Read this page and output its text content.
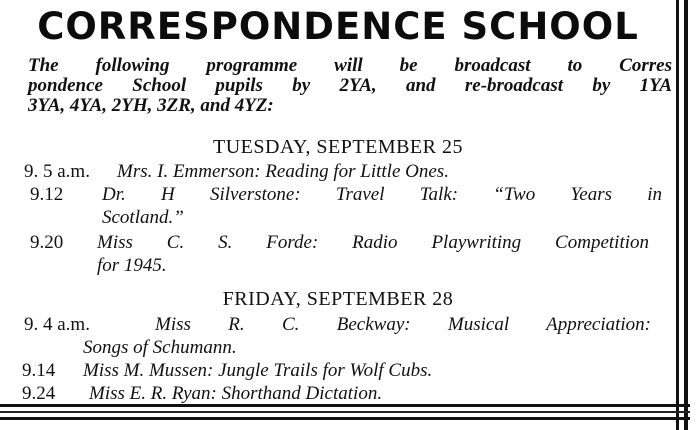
CORRESPONDENCE SCHOOL
The following programme will be broadcast to Corres
pondence School pupils by 2YA, and re-broadcast by 1YA
3YA, 4YA, 2YH, 3ZR, and 4YZ:
TUESDAY, SEPTEMBER 25
9. 5 a.m. Mrs. I. Emmerson: Reading for Little Ones.
9.12 Dr. H Silverstone: Travel Talk: “Two Years in
Scotland.”
9.20 Miss C. S. Forde: Radio Playwriting Competition
for 1945.
FRIDAY, SEPTEMBER 28
9. 4 a.m.	Miss R. C. Beckway: Musical Appreciation:
Songs of Schumann.
9.14 Miss M. Mussen: Jungle Trails for Wolf Cubs.
9.24 Miss E. R. Ryan: Shorthand Dictation.
